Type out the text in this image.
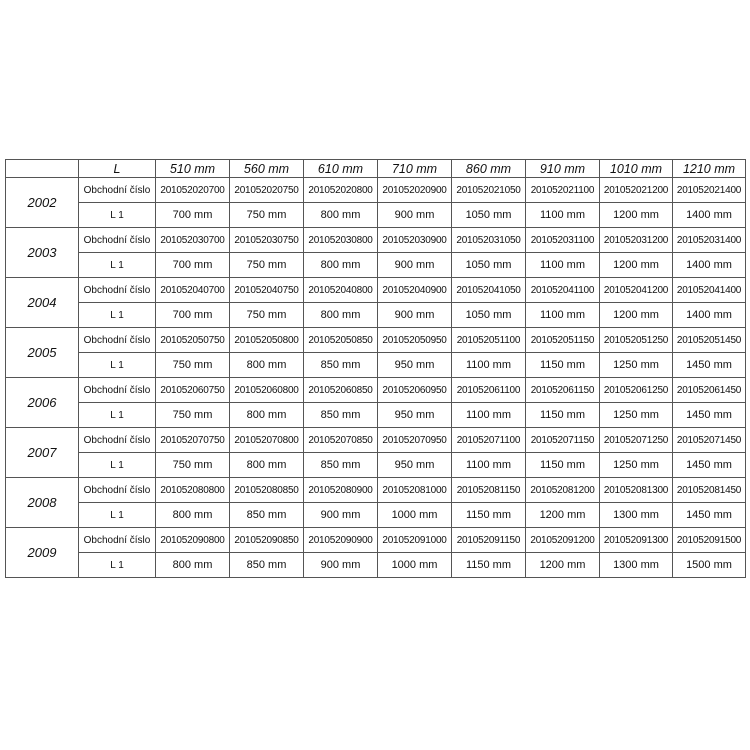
	L	510 mm	560 mm	610 mm	710 mm	860 mm	910 mm	1010 mm	1210 mm
2002	Obchodní číslo	201052020700	201052020750	201052020800	201052020900	201052021050	201052021100	201052021200	201052021400
	L 1	700 mm	750 mm	800 mm	900 mm	1050 mm	1100 mm	1200 mm	1400 mm
2003	Obchodní číslo	201052030700	201052030750	201052030800	201052030900	201052031050	201052031100	201052031200	201052031400
	L 1	700 mm	750 mm	800 mm	900 mm	1050 mm	1100 mm	1200 mm	1400 mm
2004	Obchodní číslo	201052040700	201052040750	201052040800	201052040900	201052041050	201052041100	201052041200	201052041400
	L 1	700 mm	750 mm	800 mm	900 mm	1050 mm	1100 mm	1200 mm	1400 mm
2005	Obchodní číslo	201052050750	201052050800	201052050850	201052050950	201052051100	201052051150	201052051250	201052051450
	L 1	750 mm	800 mm	850 mm	950 mm	1100 mm	1150 mm	1250 mm	1450 mm
2006	Obchodní číslo	201052060750	201052060800	201052060850	201052060950	201052061100	201052061150	201052061250	201052061450
	L 1	750 mm	800 mm	850 mm	950 mm	1100 mm	1150 mm	1250 mm	1450 mm
2007	Obchodní číslo	201052070750	201052070800	201052070850	201052070950	201052071100	201052071150	201052071250	201052071450
	L 1	750 mm	800 mm	850 mm	950 mm	1100 mm	1150 mm	1250 mm	1450 mm
2008	Obchodní číslo	201052080800	201052080850	201052080900	201052081000	201052081150	201052081200	201052081300	201052081450
	L 1	800 mm	850 mm	900 mm	1000 mm	1150 mm	1200 mm	1300 mm	1450 mm
2009	Obchodní číslo	201052090800	201052090850	201052090900	201052091000	201052091150	201052091200	201052091300	201052091500
	L 1	800 mm	850 mm	900 mm	1000 mm	1150 mm	1200 mm	1300 mm	1500 mm
